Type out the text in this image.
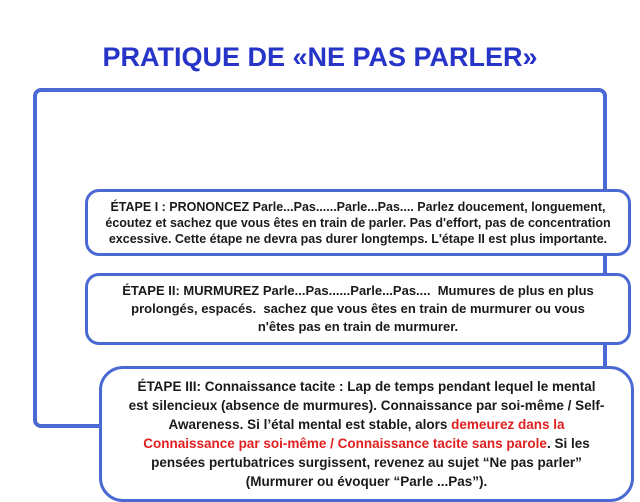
PRATIQUE DE «NE PAS PARLER»

ÉTAPE I : PRONONCEZ Parle...Pas......Parle...Pas.... Parlez doucement, longuement,

écoutez et sachez que vous êtes en train de parler. Pas d'effort, pas de concentration

excessive. Cette étape ne devra pas durer longtemps. L'étape II est plus importante.

ÉTAPE II: MURMUREZ Parle...Pas......Parle...Pas....  Mumures de plus en plus

prolongés, espacés.  sachez que vous êtes en train de murmurer ou vous

n'êtes pas en train de murmurer.

ÉTAPE III: Connaissance tacite : Lap de temps pendant lequel le mental

est silencieux (absence de murmures). Connaissance par soi-même / Self-

Awareness. Si l’étal mental est stable, alors demeurez dans la

Connaissance par soi-même / Connaissance tacite sans parole. Si les

pensées pertubatrices surgissent, revenez au sujet “Ne pas parler”

(Murmurer ou évoquer “Parle ...Pas”).
